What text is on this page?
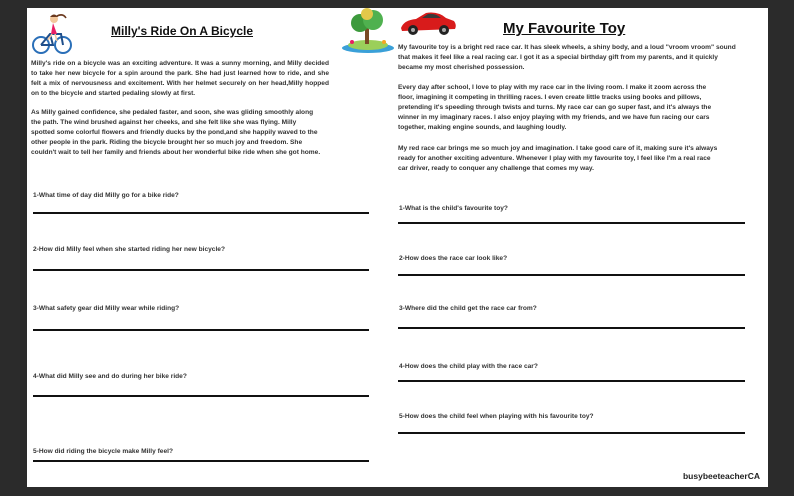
Milly's Ride On A Bicycle

Milly's ride on a bicycle was an exciting adventure. It was a sunny morning, and Milly decided to take her new bicycle for a spin around the park. She had just learned how to ride, and she felt a mix of nervousness and excitement. With her helmet securely on her head,Milly hopped on to the bicycle and started pedaling slowly at first.

As Milly gained confidence, she pedaled faster, and soon, she was gliding smoothly along the path. The wind brushed against her cheeks, and she felt like she was flying. Milly spotted some colorful flowers and friendly ducks by the pond,and she happily waved to the other people in the park. Riding the bicycle brought her so much joy and freedom. She couldn't wait to tell her family and friends about her wonderful bike ride when she got home.

1-What time of day did Milly go for a bike ride?

2-How did Milly feel when she started riding her new bicycle?

3-What safety gear did Milly wear while riding?

4-What did Milly see and do during her bike ride?

5-How did riding the bicycle make Milly feel?

My Favourite Toy

My favourite toy is a bright red race car. It has sleek wheels, a shiny body, and a loud "vroom vroom" sound that makes it feel like a real racing car. I got it as a special birthday gift from my parents, and it quickly became my most cherished possession.

Every day after school, I love to play with my race car in the living room. I make it zoom across the floor, imagining it competing in thrilling races. I even create little tracks using books and pillows, pretending it's speeding through twists and turns. My race car can go super fast, and it's always the winner in my imaginary races. I also enjoy playing with my friends, and we have fun racing our cars together, making engine sounds, and laughing loudly.

My red race car brings me so much joy and imagination. I take good care of it, making sure it's always ready for another exciting adventure. Whenever I play with my favourite toy, I feel like I'm a real race car driver, ready to conquer any challenge that comes my way.

1-What is the child's favourite toy?

2-How does the race car look like?

3-Where did the child get the race car from?

4-How does the child play with the race car?

5-How does the child feel when playing with his favourite toy?

busybeeteacherCA
